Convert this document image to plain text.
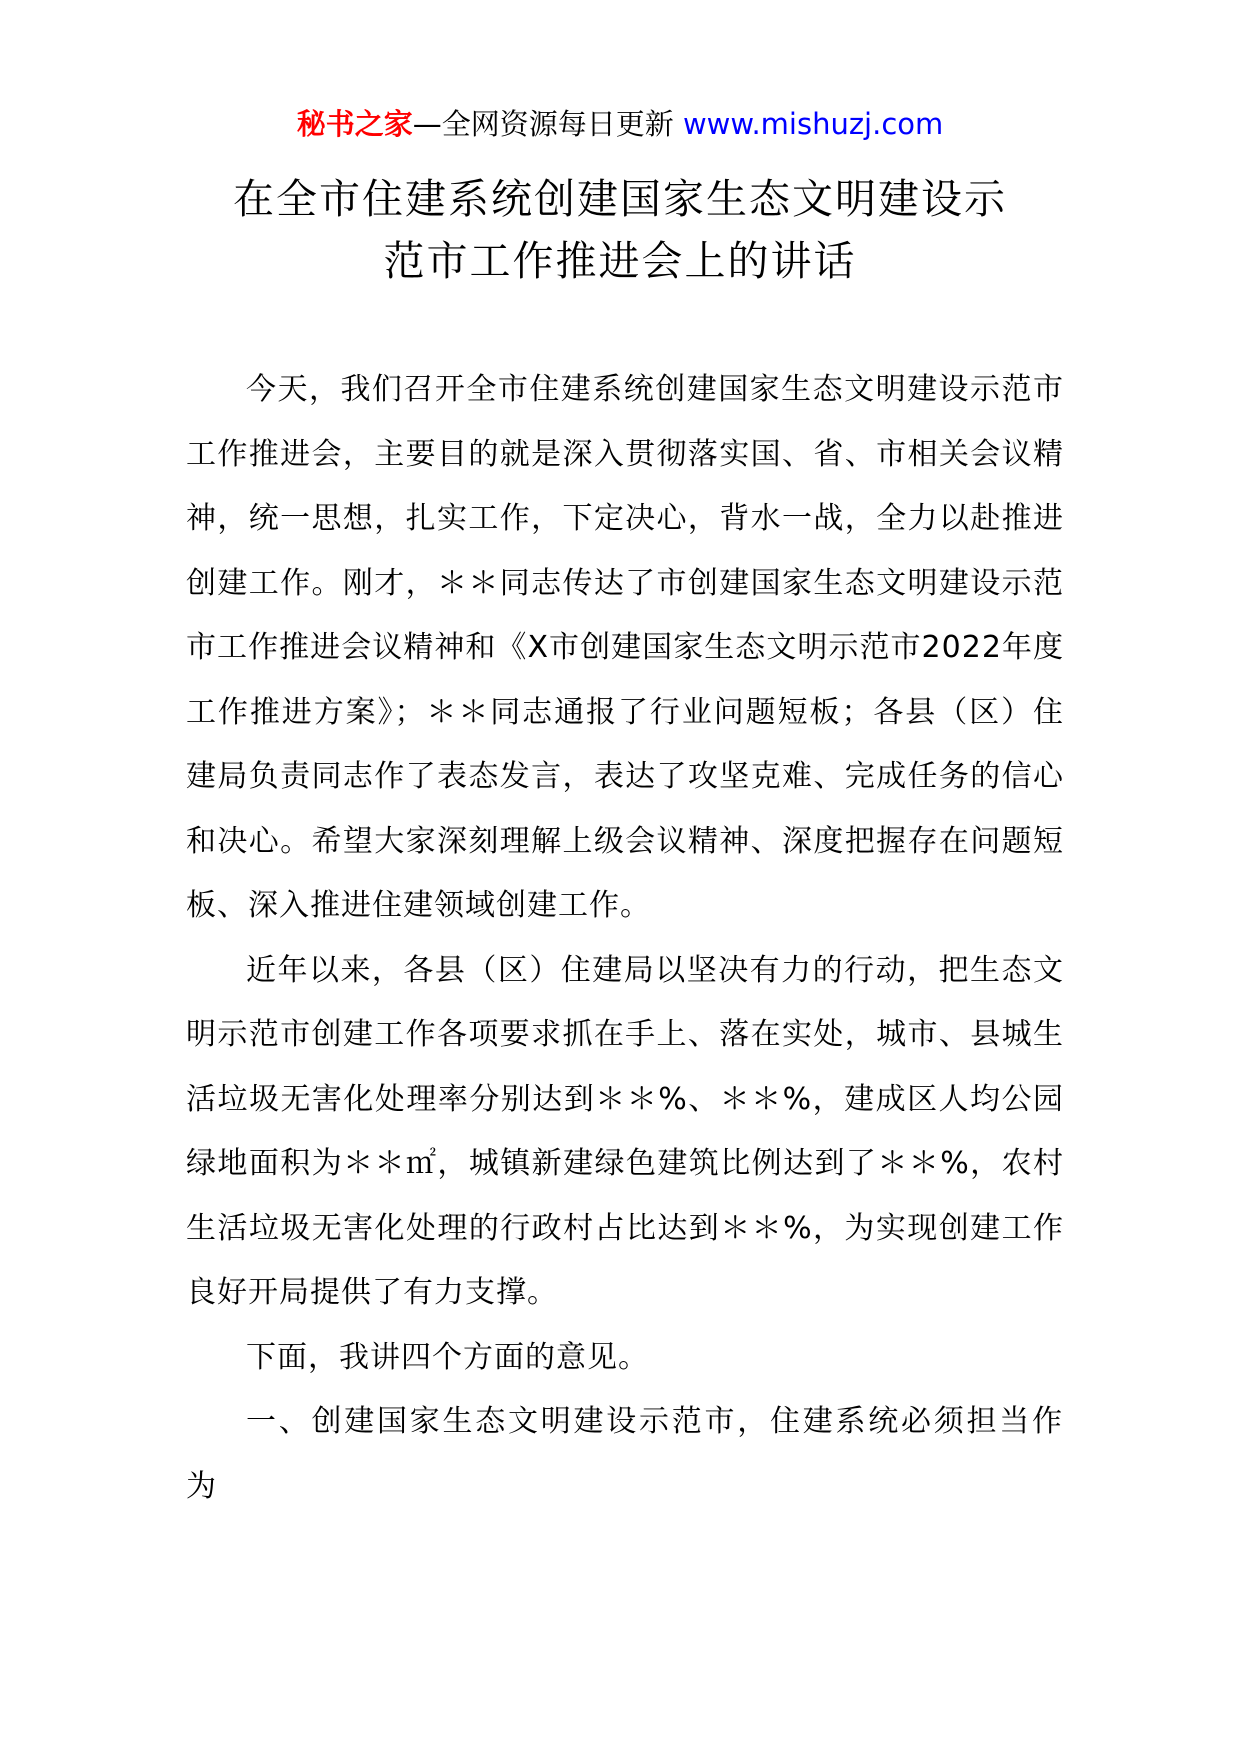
秘书之家—全网资源每日更新 www.mishuzj.com
在全市住建系统创建国家生态文明建设示
范市工作推进会上的讲话

今天，我们召开全市住建系统创建国家生态文明建设示范市工作推进会，主要目的就是深入贯彻落实国、省、市相关会议精神，统一思想，扎实工作，下定决心，背水一战，全力以赴推进创建工作。刚才，＊＊同志传达了市创建国家生态文明建设示范市工作推进会议精神和《X市创建国家生态文明示范市2022年度工作推进方案》；＊＊同志通报了行业问题短板；各县（区）住建局负责同志作了表态发言，表达了攻坚克难、完成任务的信心和决心。希望大家深刻理解上级会议精神、深度把握存在问题短板、深入推进住建领域创建工作。

近年以来，各县（区）住建局以坚决有力的行动，把生态文明示范市创建工作各项要求抓在手上、落在实处，城市、县城生活垃圾无害化处理率分别达到＊＊%、＊＊%，建成区人均公园绿地面积为＊＊㎡，城镇新建绿色建筑比例达到了＊＊%，农村生活垃圾无害化处理的行政村占比达到＊＊%，为实现创建工作良好开局提供了有力支撑。

下面，我讲四个方面的意见。

一、创建国家生态文明建设示范市，住建系统必须担当作为
